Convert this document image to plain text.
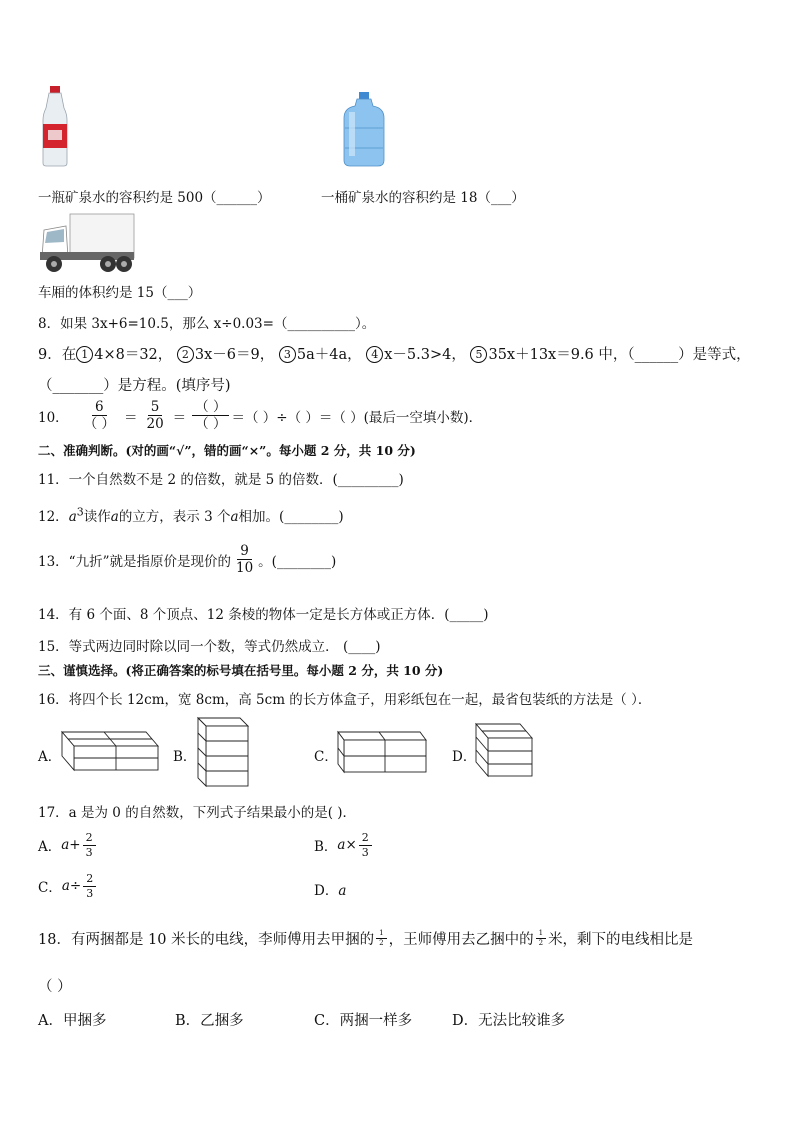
一瓶矿泉水的容积约是 500（______）	一桶矿泉水的容积约是 18（___）
车厢的体积约是 15（___）
8．如果 3x+6=10.5，那么 x÷0.03=（__________）。
9．在 1 4×8＝32， 2 3x－6＝9， 3 5a＋4a， 4 x－5.3>4， 5 35x＋13x＝9.6 中，（______）是等式，
（_______）是方程。(填序号)
10． $\frac{6}{( )} = \frac{5}{20} = \frac{( )}{( )}$ ＝（ ）÷（ ）＝（ ）(最后一空填小数)．
二、准确判断。(对的画“√”，错的画“×”。每小题 2 分，共 10 分)
11．一个自然数不是 2 的倍数，就是 5 的倍数．(_________)
12．$a^3$读作a的立方，表示 3 个a相加。(________)
13．“九折”就是指原价是现价的 $\frac{9}{10}$ 。(________)
14．有 6 个面、8 个顶点、12 条棱的物体一定是长方体或正方体．(_____)
15．等式两边同时除以同一个数，等式仍然成立． (____)
三、谨慎选择。(将正确答案的标号填在括号里。每小题 2 分，共 10 分)
16．将四个长 12cm，宽 8cm，高 5cm 的长方体盒子，用彩纸包在一起，最省包装纸的方法是（ ）．
A．	B．	C．	D．
17．a 是为 0 的自然数，下列式子结果最小的是( )．
A． $a+ \frac{2}{3}$	B． $a\times \frac{2}{3}$
C． $a\div \frac{2}{3}$	D．a
18．有两捆都是 10 米长的电线，李师傅用去甲捆的 $\frac{1}{2}$ ，王师傅用去乙捆中的 $\frac{1}{2}$ 米，剩下的电线相比是
（ ）
A．甲捆多	B．乙捆多	C．两捆一样多	D．无法比较谁多
